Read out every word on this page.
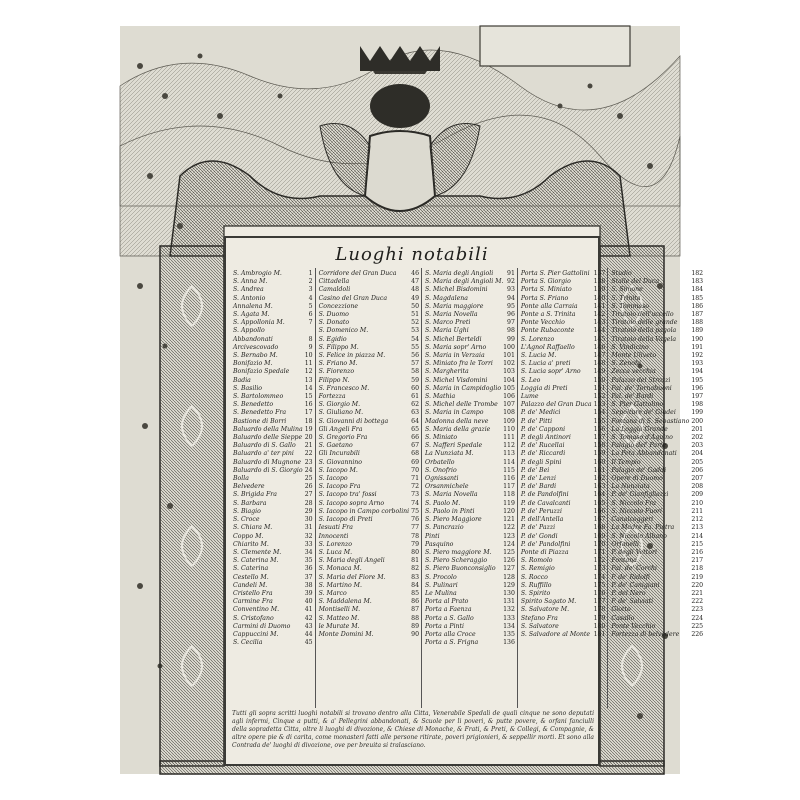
Luoghi notabili
S. Ambrogio M.	1
S. Anna M.	2
S. Andrea	3
S. Antonio	4
Annalena M.	5
S. Agata M.	6
S. Appollonia M.	7
S. Appollo
Abbandonati	8
Arcivescovado	9
S. Bernabo M.	10
Bonifazio M.	11
Bonifazio Spedale	12
Badia	13
S. Basilio	14
S. Bartolommeo	15
S. Benedetto	16
S. Benedetto Fra	17
Bastione di Borri	18
Baluardo della Mulina 19
Baluardo delle Sieppe 20
Baluardo di S. Gallo	21
Baluardo a' ter pini	22
Baluardo di Mugnone 23
Baluardo di S. Giorgio 24
Bolla	25
Belvedere	26
S. Brigida Fra	27
S. Barbara	28
S. Biagio	29
S. Croce	30
S. Chiara M.	31
Coppo M.	32
Chiarito M.	33
S. Clemente M.	34
S. Caterina M.	35
S. Caterina	36
Cestello M.	37
Candeli M.	38
Cristello Fra	39
Carmine Fra	40
Conventino M.	41
S. Cristofano	42
Carmini di Duomo	43
Cappuccini M.	44
S. Cecilia	45
Corridore del Gran Duca	46
Cittadella	47
Camaldoli	48
Casino del Gran Duca	49
Concezzione	50
S. Duomo	51
S. Donato	52
S. Domenico M.	53
S. Egidio	54
S. Filippo M.	55
S. Felice in piazza M.	56
S. Friano M.	57
S. Fiorenzo	58
Filippo N.	59
S. Francesco M.	60
Fortezza	61
S. Giorgio M.	62
S. Giuliano M.	63
S. Giovanni di bottega	64
Gli Angeli Fra	65
S. Gregorio Fra	66
S. Gaetano	67
Gli Incurabili	68
S. Giovannino	69
S. Iacopo M.	70
S. Iacopo	71
S. Iacopo Fra	72
S. Iacopo tra' fossi	73
S. Iacopo sopra Arno	74
S. Iacopo in Campo corbolini 75
S. Iacopo di Preti	76
Iesuati Fra	77
Innocenti	78
S. Lorenzo	79
S. Luca M.	80
S. Maria degli Angeli	81
S. Monaca M.	82
S. Maria del Fiore M.	83
S. Martino M.	84
S. Marco	85
S. Maddalena M.	86
Montiselli M.	87
S. Matteo M.	88
le Murate M.	89
Monte Domini M.	90
S. Maria degli Angioli	91
S. Maria degli Angioli M. 92
S. Michel Bisdomini	93
S. Magdalena	94
S. Maria maggiore	95
S. Maria Novella	96
S. Marco Preti	97
S. Maria Ughi	98
S. Michel Berteldi	99
S. Maria sopr' Arno	100
S. Maria in Verzaia	101
S. Miniato fra le Torri	102
S. Margherita	103
S. Michel Visdomini	104
S. Maria in Campidoglio 105
S. Mathia	106
S. Michel delle Trombe 107
S. Maria in Campo	108
Madonna della neve	109
S. Maria della grazie	110
S. Miniato	111
S. Nafferi Spedale	112
La Nunziata M.	113
Orbatello	114
S. Onofrio	115
Ognissanti	116
Orsanmichele	117
S. Maria Novella	118
S. Paolo M.	119
S. Paolo in Pinti	120
S. Piero Maggiore	121
S. Pancrazio	122
Pinti	123
Pasquino	124
S. Piero maggiore M.	125
S. Piero Scheraggio	126
S. Piero Buonconsiglio	127
S. Procolo	128
S. Pulinari	129
Le Mulina	130
Porta al Prato	131
Porta a Faenza	132
Porta a S. Gallo	133
Porta a Pinti	134
Porta alla Croce	135
Porta a S. Frigna	136
Porta S. Pier Gattolini 137
Porta S. Giorgio	138
Porta S. Miniato	139
Porta S. Friano	140
Ponte alla Carraia	141
Ponte a S. Trinita	142
Ponte Vecchio	143
Ponte Rubaconte	144
S. Lorenzo	145
L'Agnol Raffaello	146
S. Lucia M.	147
S. Lucia a' preti	148
S. Lucia sopr' Arno	149
S. Leo	150
Loggia di Preti	151
Lume	152
Palazzo del Gran Duca 153
P. de' Medici	154
P. de' Pitti	155
P. de' Capponi	156
P. degli Antinori	157
P. de' Rucellai	158
P. de' Riccardi	159
P. degli Spini	160
P. de' Bei	161
P. de' Lenzi	162
P. de' Bardi	163
P. de Pandolfini	164
P. de Cavalcanti	165
P. de' Peruzzi	166
P. dell'Antella	167
P. de' Pazzi	168
P. de' Gondi	169
P. de' Pandolfini	170
Ponte di Piazza	171
S. Romolo	172
S. Remigio	173
S. Rocco	174
S. Ruffillo	175
S. Spirito	176
Spirito Sagato M.	177
S. Salvatore M.	178
Stefano Fra	179
S. Salvatore	180
S. Salvadore al Monte 181
Studio	182
Stalle del Duca	183
S. Simone	184
S. Trinita	185
S. Tommaso	186
Tiratoio dell'uccello	187
Tiratoio delle grande	188
Tiratoio della pagola	189
Tiratoio della Vagela	190
S. Vindicino	191
Monte Uliveto	192
S. Zenobi	193
Zecca vecchia	194
Palazzo del Strozzi	195
Pal. de' Tornabuoni	196
Pal. de' Bardi	197
S. Pier Gattolino	198
Sepolture de' Giudei	199
Fontana di S. Sebastiano 200
La Loggia Grande	201
S. Tomaso d'Aquino	202
Palagio del' Parte	203
La Peta Abbandonati	204
Il Tempio	205
Palagio de' Gaddi	206
Opere di Duomo	207
La Nunziata	208
P. de' Gianfigliazzi	209
S. Niccolo Fra	210
S. Niccolo Fuori	211
Canalcoggeri	212
La Madre Fa. Pietra	213
S. Niccolo Albano	214
Orfanelli	215
P. degli Vettori	216
Fontana	217
Pal. de' Corchi	218
P. de' Ridolfi	219
P. de' Canigiani	220
P. del Nero	221
P. de' Salviati	222
Giotto	223
Casallo	224
Ponte Vecchio	225
Fortezza di belvedere	226
Tutti gli sopra scritti luoghi notabili si trovano dentro alla Citta, Venerabile Spedali de quali cinque ne sono deputati agli infermi, Cinque a putti, & a' Pellegrini abbandonati, & Scuole per li poveri, & putte povere, & orfani fanciulli della sopradetta Citta, oltre li luoghi di divozione, & Chiese di Monache, & Frati, & Preti, & Collegi, & Compagnie, & altre opere pie & di carita, come monasteri fatti alle persone ritirate, poveri prigionieri, & seppellir morti. Et sono alla Contrada de' luoghi di divozione, ove per breuita si tralasciano.
